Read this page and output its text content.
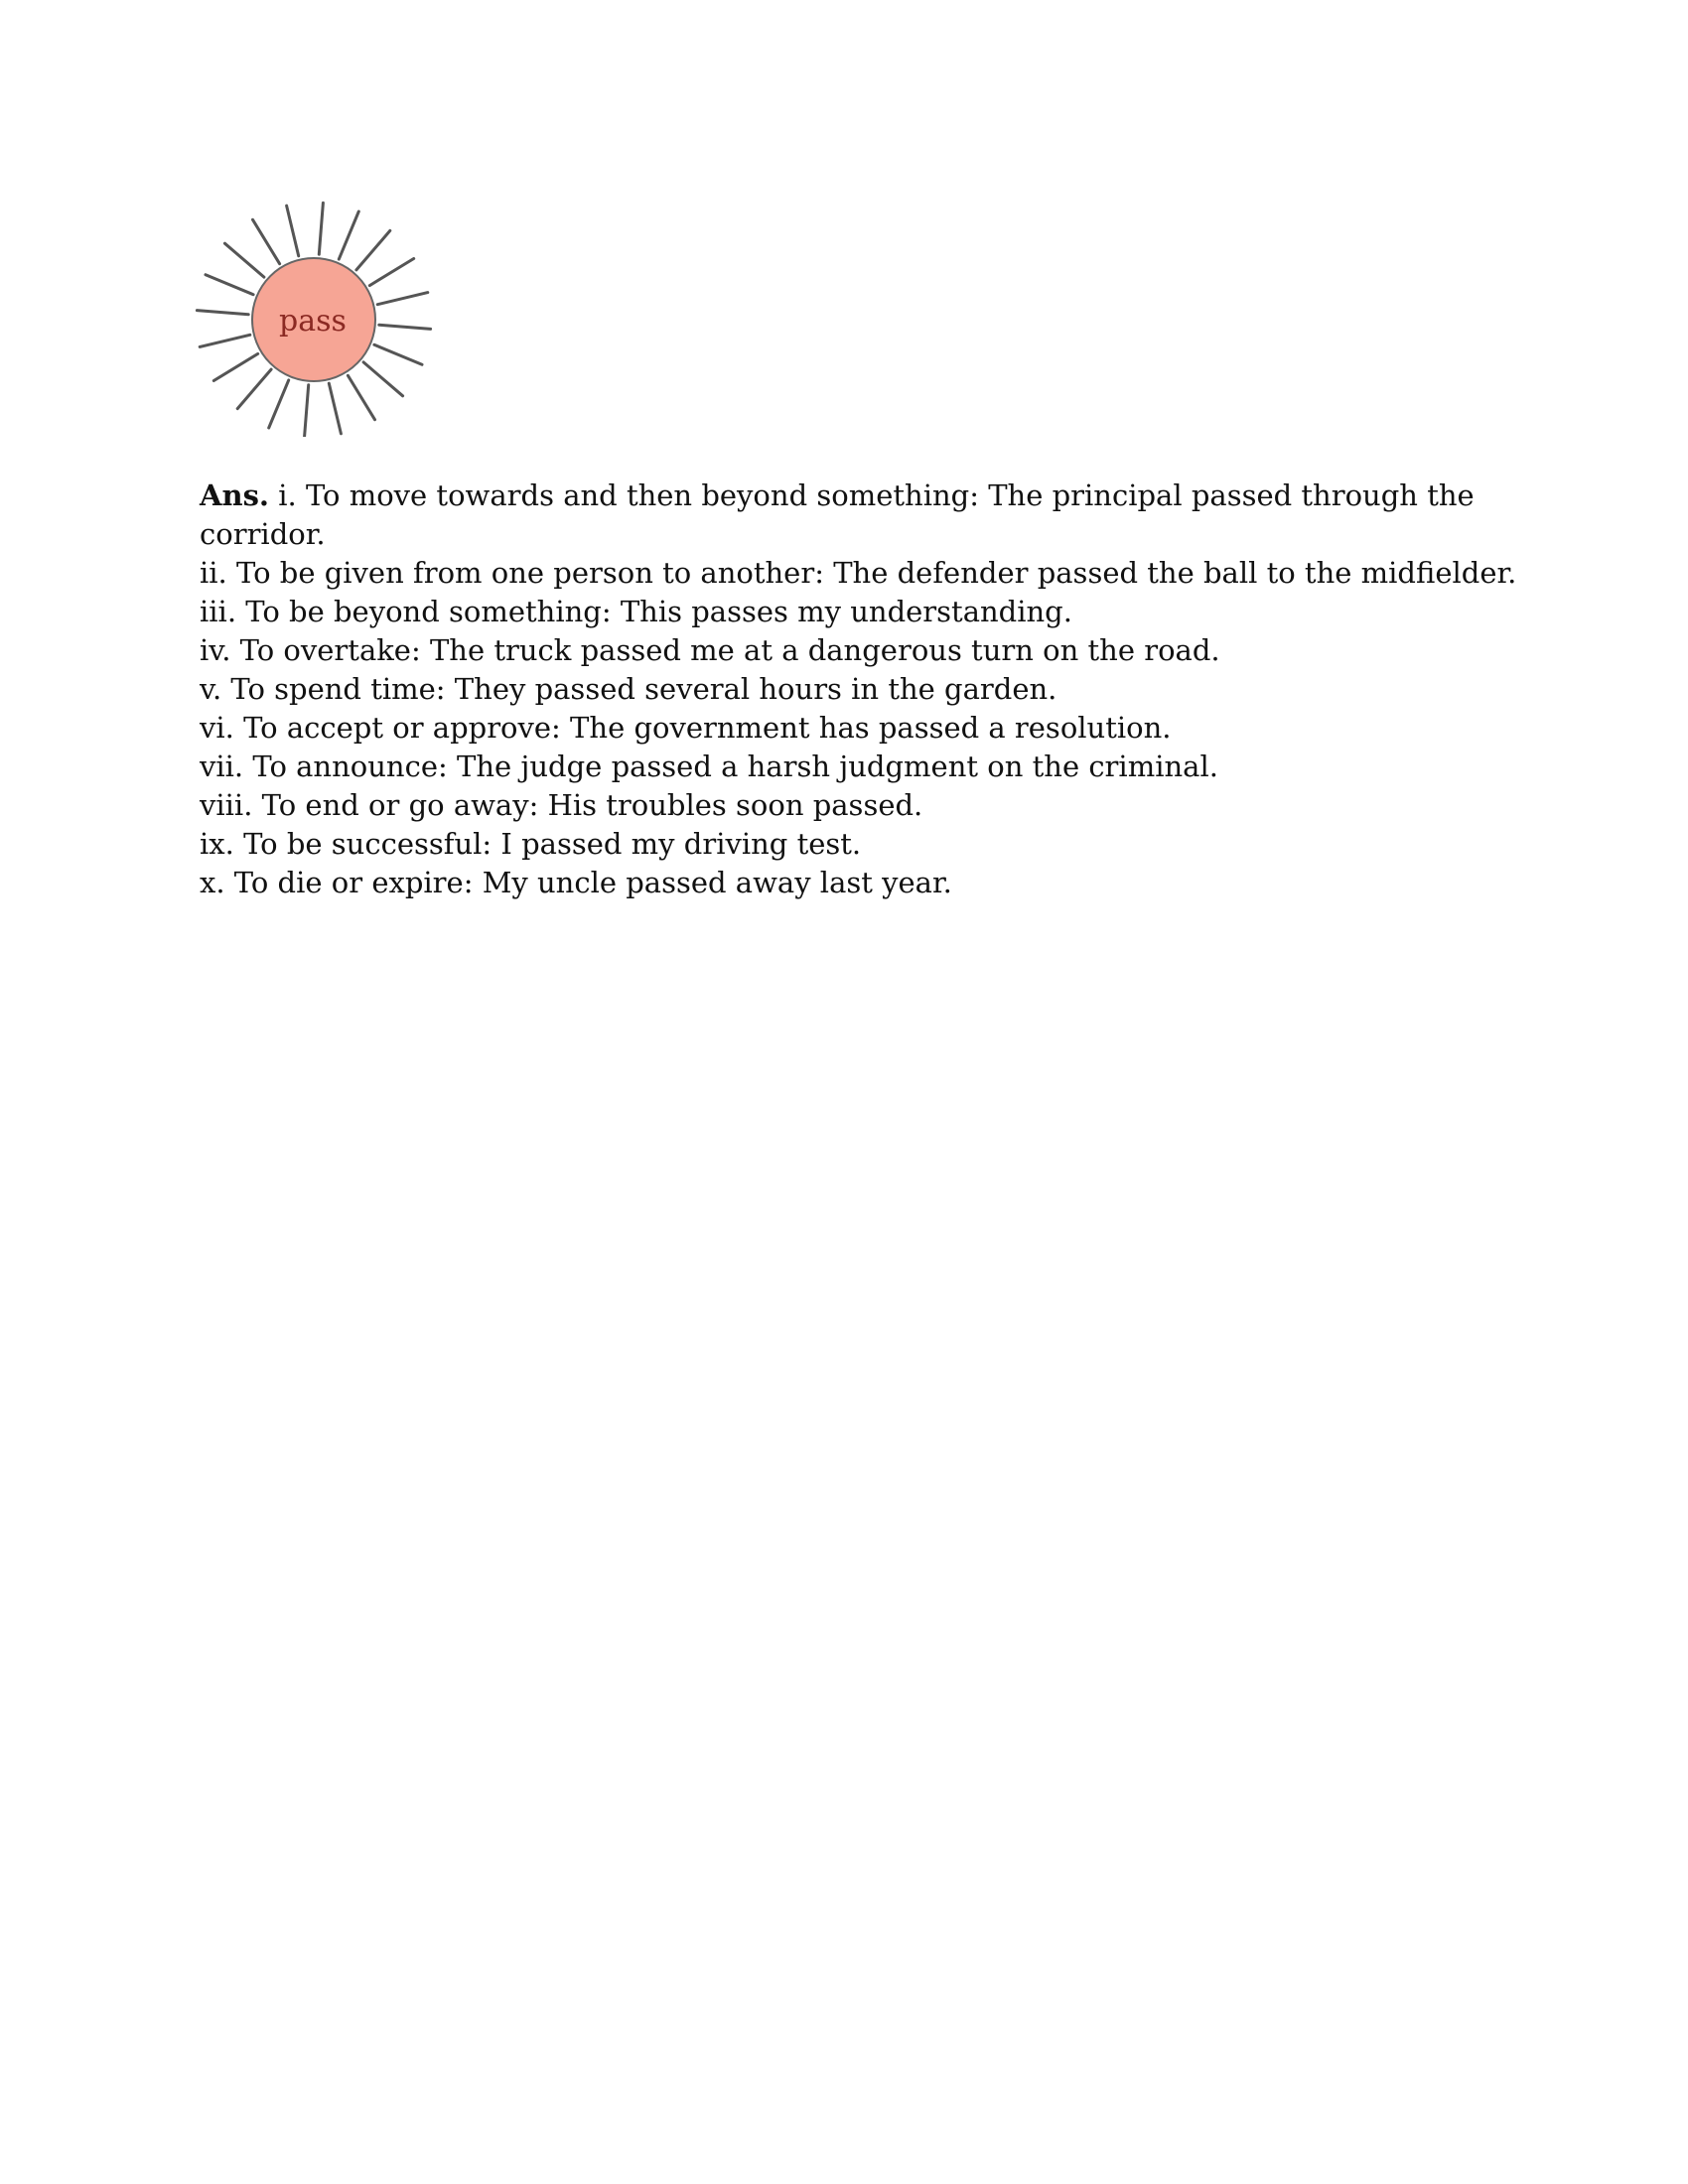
pass

Ans. i. To move towards and then beyond something: The principal passed through the corridor.

ii. To be given from one person to another: The defender passed the ball to the midfielder.

iii. To be beyond something: This passes my understanding.

iv. To overtake: The truck passed me at a dangerous turn on the road.

v. To spend time: They passed several hours in the garden.

vi. To accept or approve: The government has passed a resolution.

vii. To announce: The judge passed a harsh judgment on the criminal.

viii. To end or go away: His troubles soon passed.

ix. To be successful: I passed my driving test.

x. To die or expire: My uncle passed away last year.
